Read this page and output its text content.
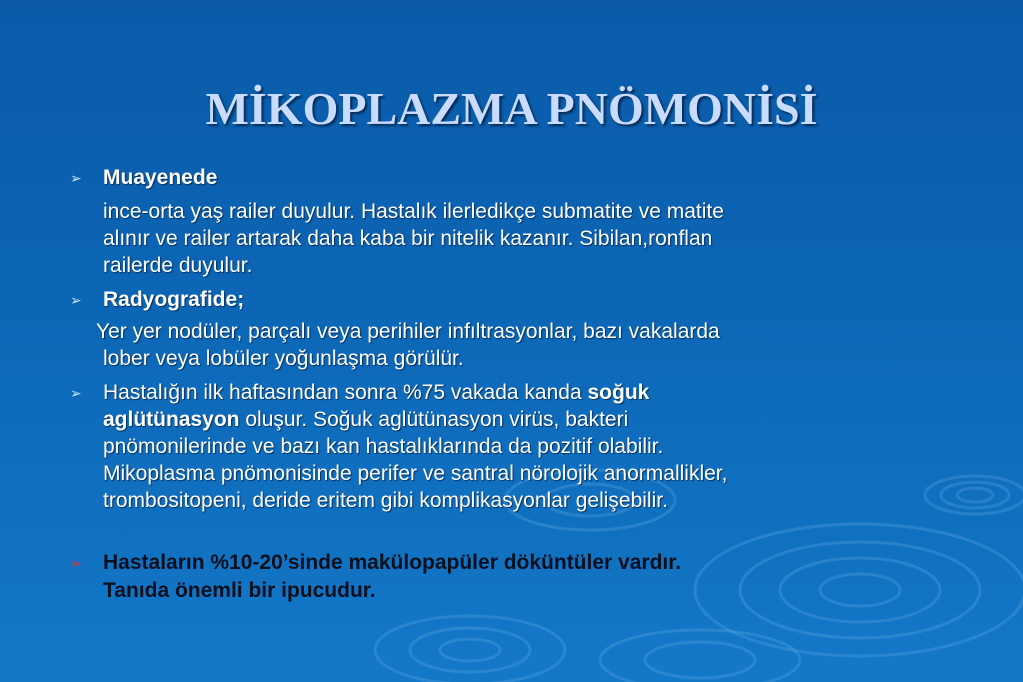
MİKOPLAZMA PNÖMONİSİ
➢ Muayenede
ince-orta yaş railer duyulur. Hastalık ilerledikçe submatite ve matite
alınır ve railer artarak daha kaba bir nitelik kazanır. Sibilan,ronflan
railerde duyulur.
➢ Radyografide;
Yer yer nodüler, parçalı veya perihiler infıltrasyonlar, bazı vakalarda
lober veya lobüler yoğunlaşma görülür.
➢ Hastalığın ilk haftasından sonra %75 vakada kanda soğuk
aglütünasyon oluşur. Soğuk aglütünasyon virüs, bakteri
pnömonilerinde ve bazı kan hastalıklarında da pozitif olabilir.
Mikoplasma pnömonisinde perifer ve santral nörolojik anormallikler,
trombositopeni, deride eritem gibi komplikasyonlar gelişebilir.
➢ Hastaların %10-20’sinde makülopapüler döküntüler vardır.
Tanıda önemli bir ipucudur.
